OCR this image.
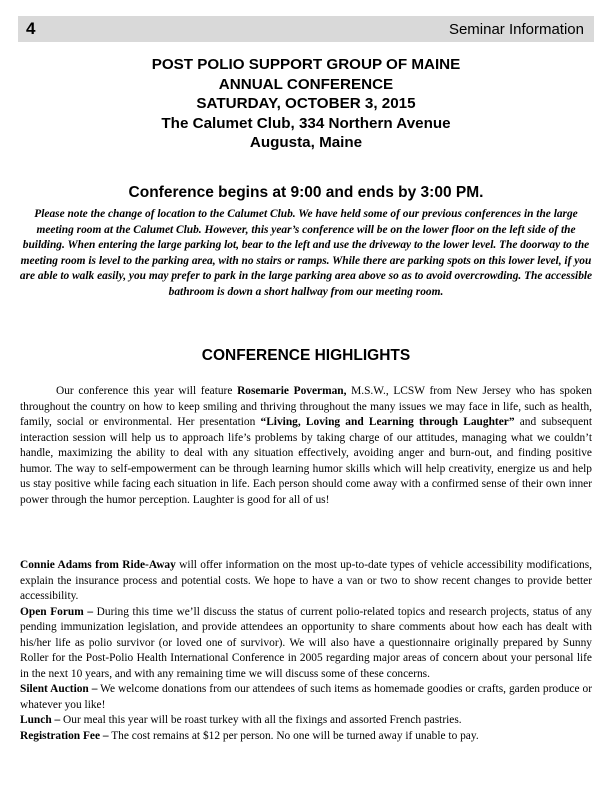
4	Seminar Information
POST POLIO SUPPORT GROUP OF MAINE
ANNUAL CONFERENCE
SATURDAY, OCTOBER 3, 2015
The Calumet Club, 334 Northern Avenue
Augusta, Maine
Conference begins at 9:00 and ends by 3:00 PM.
Please note the change of location to the Calumet Club. We have held some of our previous conferences in the large meeting room at the Calumet Club. However, this year’s conference will be on the lower floor on the left side of the building. When entering the large parking lot, bear to the left and use the driveway to the lower level. The doorway to the meeting room is level to the parking area, with no stairs or ramps. While there are parking spots on this lower level, if you are able to walk easily, you may prefer to park in the large parking area above so as to avoid overcrowding. The accessible bathroom is down a short hallway from our meeting room.
CONFERENCE HIGHLIGHTS
Our conference this year will feature Rosemarie Poverman, M.S.W., LCSW from New Jersey who has spoken throughout the country on how to keep smiling and thriving throughout the many issues we may face in life, such as health, family, social or environmental. Her presentation “Living, Loving and Learning through Laughter” and subsequent interaction session will help us to approach life’s problems by taking charge of our attitudes, managing what we couldn’t handle, maximizing the ability to deal with any situation effectively, avoiding anger and burn-out, and finding positive humor. The way to self-empowerment can be through learning humor skills which will help creativity, energize us and help us stay positive while facing each situation in life. Each person should come away with a confirmed sense of their own inner power through the humor perception. Laughter is good for all of us!

Connie Adams from Ride-Away will offer information on the most up-to-date types of vehicle accessibility modifications, explain the insurance process and potential costs. We hope to have a van or two to show recent changes to provide better accessibility.

Open Forum – During this time we’ll discuss the status of current polio-related topics and research projects, status of any pending immunization legislation, and provide attendees an opportunity to share comments about how each has dealt with his/her life as polio survivor (or loved one of survivor). We will also have a questionnaire originally prepared by Sunny Roller for the Post-Polio Health International Conference in 2005 regarding major areas of concern about your personal life in the next 10 years, and with any remaining time we will discuss some of these concerns.

Silent Auction – We welcome donations from our attendees of such items as homemade goodies or crafts, garden produce or whatever you like!

Lunch – Our meal this year will be roast turkey with all the fixings and assorted French pastries.

Registration Fee – The cost remains at $12 per person. No one will be turned away if unable to pay.
